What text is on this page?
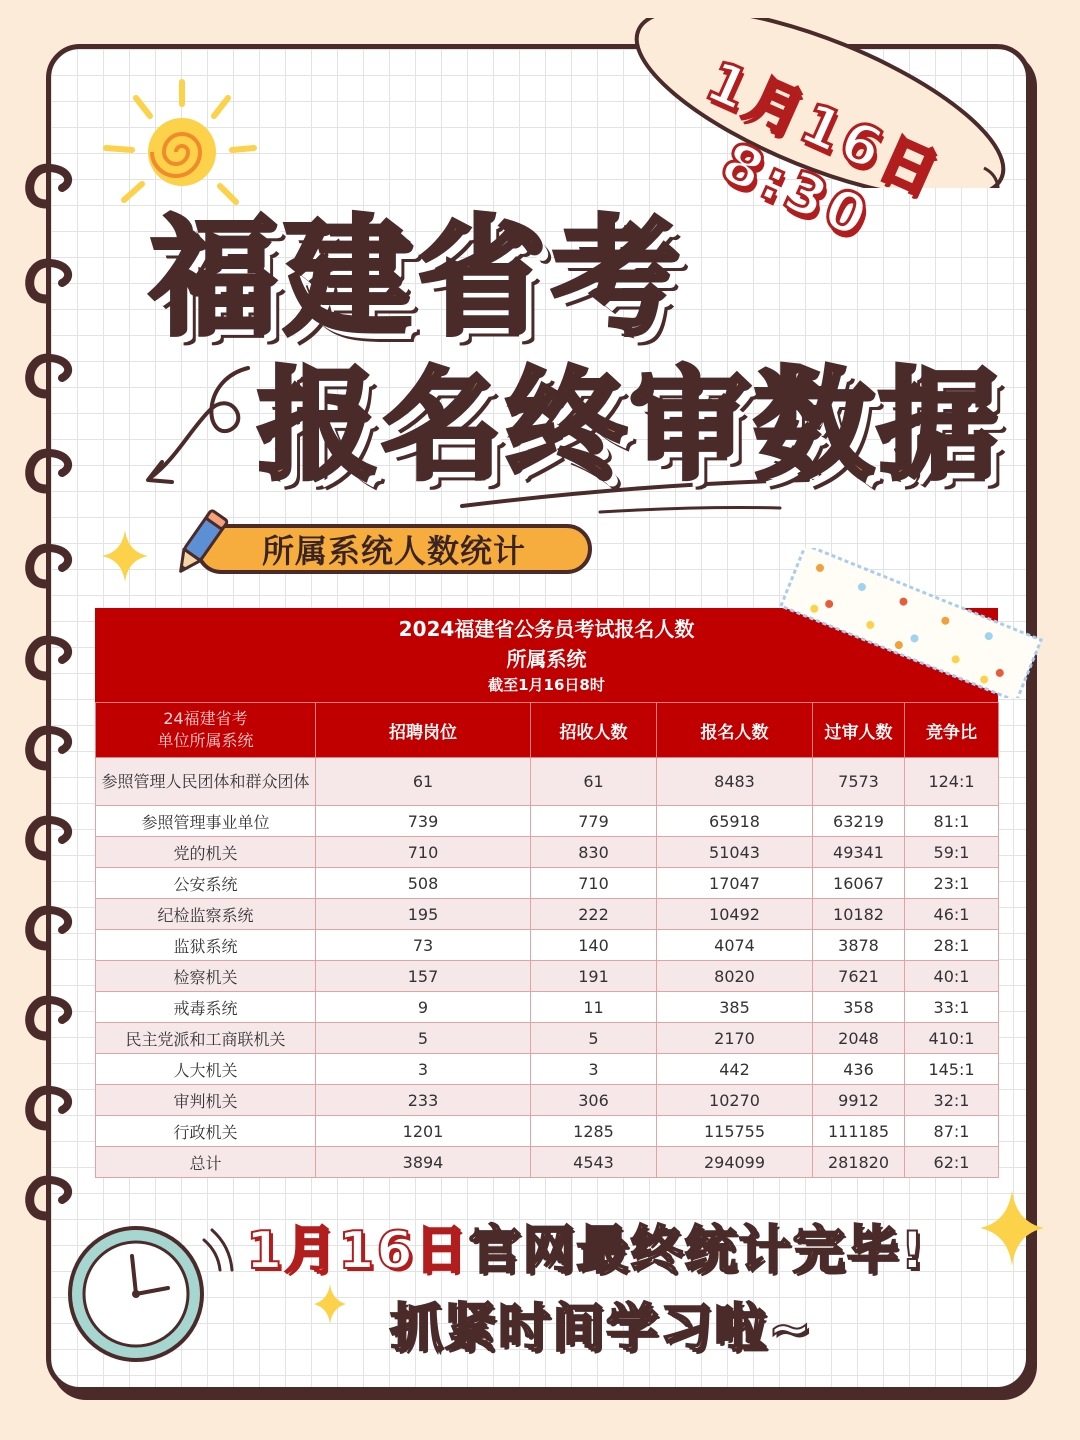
1月16日 8:30
福建省考
报名终审数据
所属系统人数统计
2024福建省公务员考试报名人数
所属系统
截至1月16日8时
24福建省考
单位所属系统	招聘岗位	招收人数	报名人数	过审人数	竞争比
参照管理人民团体和群众团体	61	61	8483	7573	124:1
参照管理事业单位	739	779	65918	63219	81:1
党的机关	710	830	51043	49341	59:1
公安系统	508	710	17047	16067	23:1
纪检监察系统	195	222	10492	10182	46:1
监狱系统	73	140	4074	3878	28:1
检察机关	157	191	8020	7621	40:1
戒毒系统	9	11	385	358	33:1
民主党派和工商联机关	5	5	2170	2048	410:1
人大机关	3	3	442	436	145:1
审判机关	233	306	10270	9912	32:1
行政机关	1201	1285	115755	111185	87:1
总计	3894	4543	294099	281820	62:1
1月16日官网最终统计完毕!
抓紧时间学习啦~
